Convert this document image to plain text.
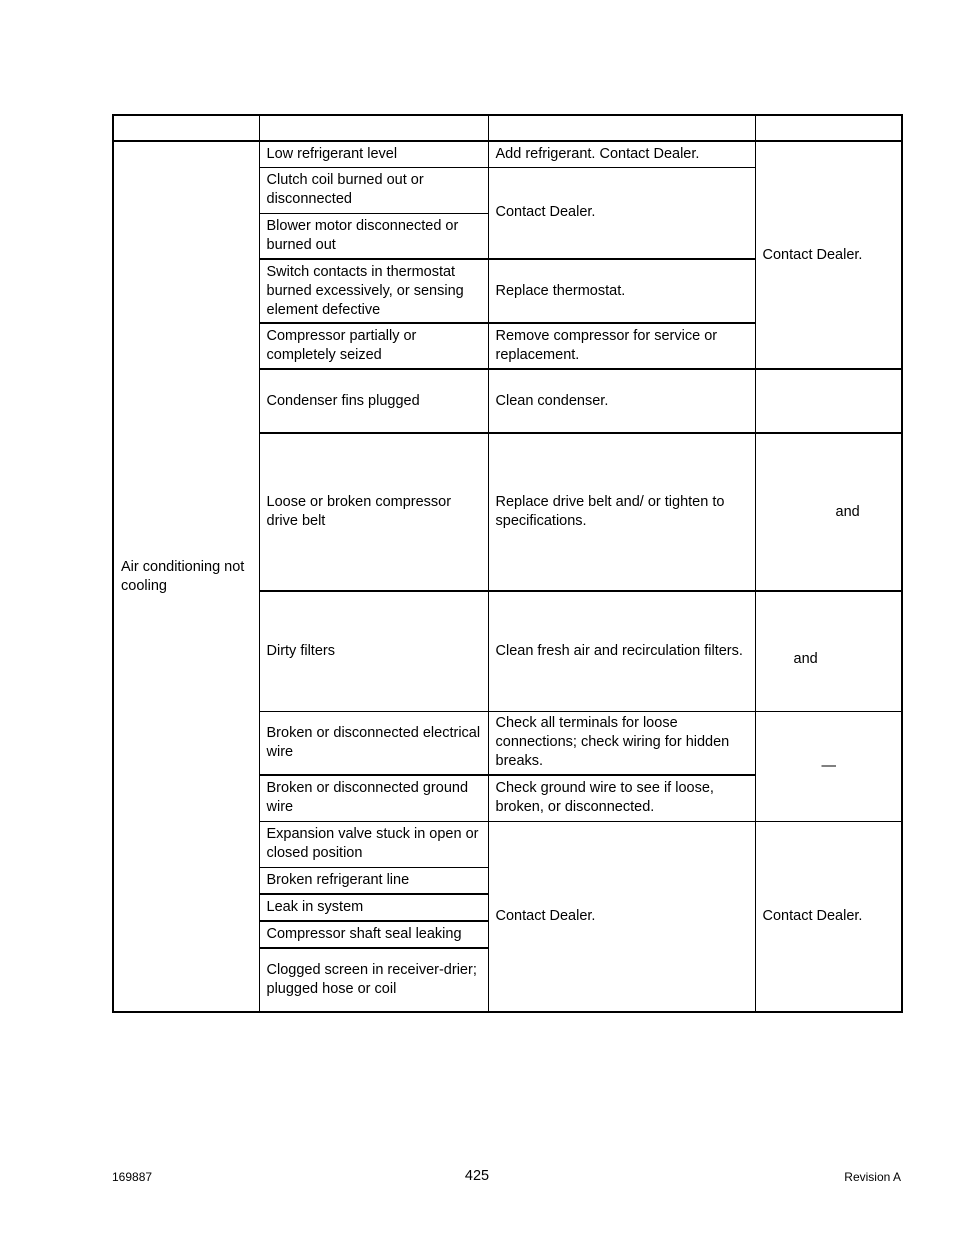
Air conditioning not cooling	Low refrigerant level	Add refrigerant. Contact Dealer.	Contact Dealer.
	Clutch coil burned out or disconnected	Contact Dealer.	
	Blower motor disconnected or burned out		
	Switch contacts in thermostat burned excessively, or sensing element defective	Replace thermostat.	
	Compressor partially or completely seized	Remove compressor for service or replacement.	
	Condenser fins plugged	Clean condenser.	
	Loose or broken compressor drive belt	Replace drive belt and/ or tighten to specifications.	and
	Dirty filters	Clean fresh air and recirculation filters.	and
	Broken or disconnected electrical wire	Check all terminals for loose connections; check wiring for hidden breaks.	—
	Broken or disconnected ground wire	Check ground wire to see if loose, broken, or disconnected.	
	Expansion valve stuck in open or closed position	Contact Dealer.	Contact Dealer.
	Broken refrigerant line		
	Leak in system		
	Compressor shaft seal leaking		
	Clogged screen in receiver-drier; plugged hose or coil		
169887	425	Revision A
